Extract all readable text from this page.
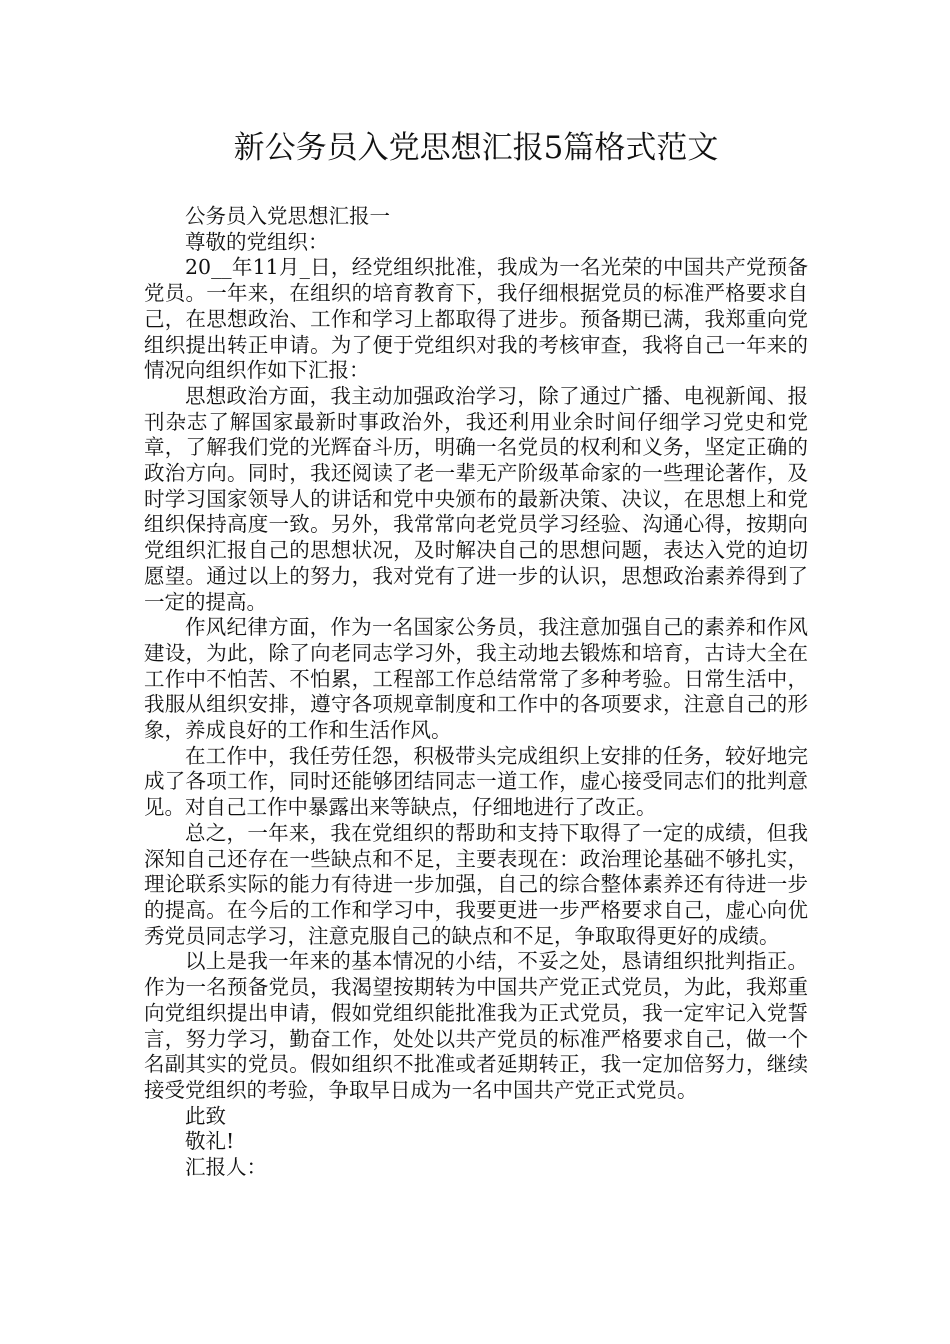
新公务员入党思想汇报5篇格式范文

公务员入党思想汇报一

尊敬的党组织：

20__年11月_日，经党组织批准，我成为一名光荣的中国共产党预备党员。一年来，在组织的培育教育下，我仔细根据党员的标准严格要求自己，在思想政治、工作和学习上都取得了进步。预备期已满，我郑重向党组织提出转正申请。为了便于党组织对我的考核审查，我将自己一年来的情况向组织作如下汇报：

思想政治方面，我主动加强政治学习，除了通过广播、电视新闻、报刊杂志了解国家最新时事政治外，我还利用业余时间仔细学习党史和党章，了解我们党的光辉奋斗历，明确一名党员的权利和义务，坚定正确的政治方向。同时，我还阅读了老一辈无产阶级革命家的一些理论著作，及时学习国家领导人的讲话和党中央颁布的最新决策、决议，在思想上和党组织保持高度一致。另外，我常常向老党员学习经验、沟通心得，按期向党组织汇报自己的思想状况，及时解决自己的思想问题，表达入党的迫切愿望。通过以上的努力，我对党有了进一步的认识，思想政治素养得到了一定的提高。

作风纪律方面，作为一名国家公务员，我注意加强自己的素养和作风建设，为此，除了向老同志学习外，我主动地去锻炼和培育，古诗大全在工作中不怕苦、不怕累，工程部工作总结常常了多种考验。日常生活中，我服从组织安排，遵守各项规章制度和工作中的各项要求，注意自己的形象，养成良好的工作和生活作风。

在工作中，我任劳任怨，积极带头完成组织上安排的任务，较好地完成了各项工作，同时还能够团结同志一道工作，虚心接受同志们的批判意见。对自己工作中暴露出来等缺点，仔细地进行了改正。

总之，一年来，我在党组织的帮助和支持下取得了一定的成绩，但我深知自己还存在一些缺点和不足，主要表现在：政治理论基础不够扎实，理论联系实际的能力有待进一步加强，自己的综合整体素养还有待进一步的提高。在今后的工作和学习中，我要更进一步严格要求自己，虚心向优秀党员同志学习，注意克服自己的缺点和不足，争取取得更好的成绩。

以上是我一年来的基本情况的小结，不妥之处，恳请组织批判指正。作为一名预备党员，我渴望按期转为中国共产党正式党员，为此，我郑重向党组织提出申请，假如党组织能批准我为正式党员，我一定牢记入党誓言，努力学习，勤奋工作，处处以共产党员的标准严格要求自己，做一个名副其实的党员。假如组织不批准或者延期转正，我一定加倍努力，继续接受党组织的考验，争取早日成为一名中国共产党正式党员。

此致

敬礼!

汇报人：
